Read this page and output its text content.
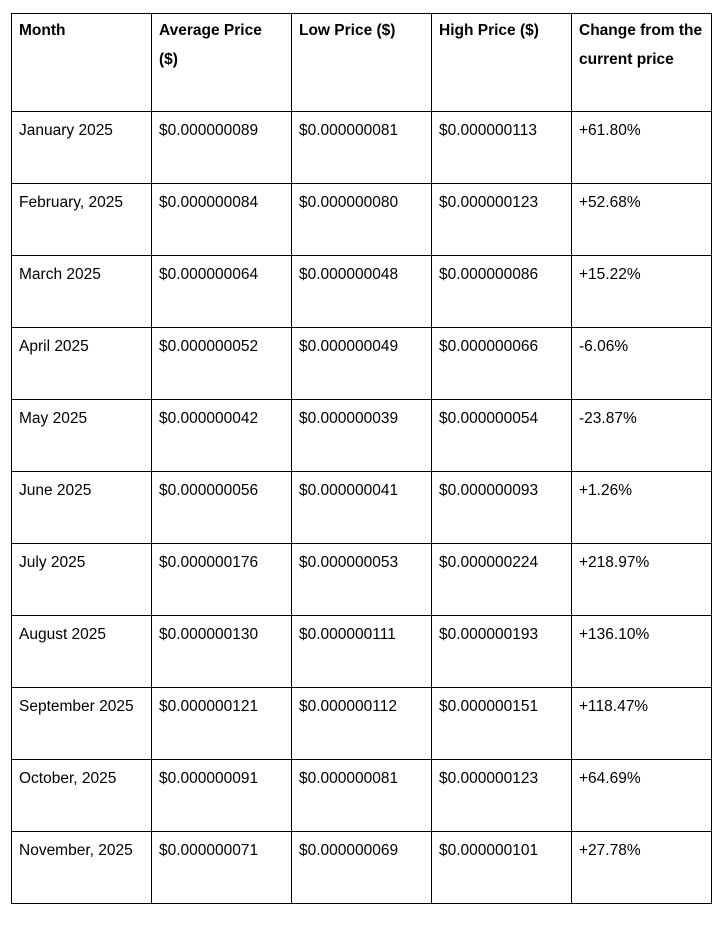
Month	Average Price ($)	Low Price ($)	High Price ($)	Change from the current price
January 2025	$0.000000089	$0.000000081	$0.000000113	+61.80%
February, 2025	$0.000000084	$0.000000080	$0.000000123	+52.68%
March 2025	$0.000000064	$0.000000048	$0.000000086	+15.22%
April 2025	$0.000000052	$0.000000049	$0.000000066	-6.06%
May 2025	$0.000000042	$0.000000039	$0.000000054	-23.87%
June 2025	$0.000000056	$0.000000041	$0.000000093	+1.26%
July 2025	$0.000000176	$0.000000053	$0.000000224	+218.97%
August 2025	$0.000000130	$0.000000111	$0.000000193	+136.10%
September 2025	$0.000000121	$0.000000112	$0.000000151	+118.47%
October, 2025	$0.000000091	$0.000000081	$0.000000123	+64.69%
November, 2025	$0.000000071	$0.000000069	$0.000000101	+27.78%
